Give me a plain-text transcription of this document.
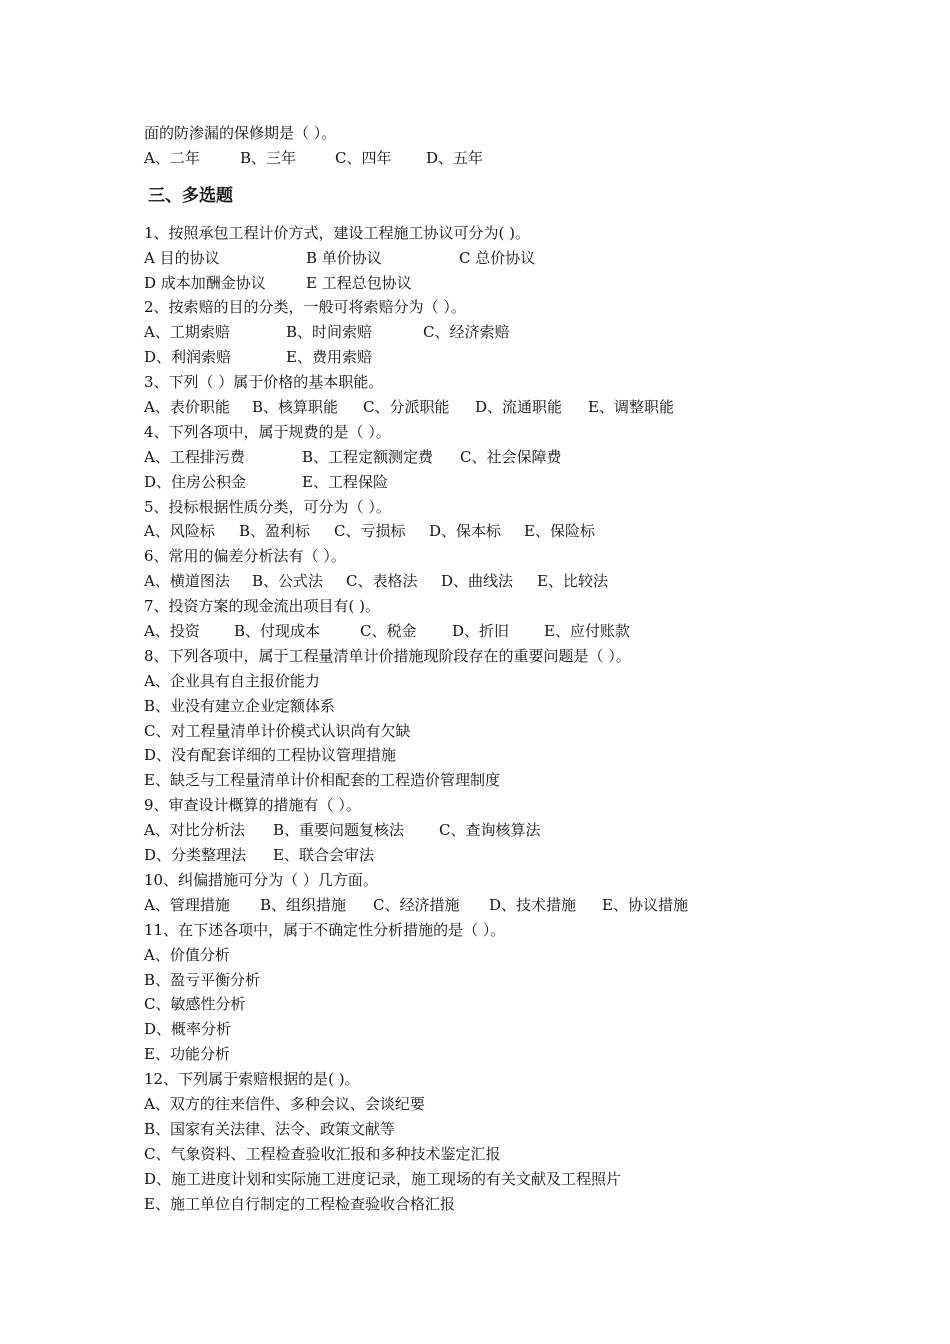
面的防渗漏的保修期是（ ）。
A、二年	B、三年	C、四年 D、五年
三、多选题
1、按照承包工程计价方式，建设工程施工协议可分为( )。
A 目的协议	B 单价协议	C 总价协议
D 成本加酬金协议	E 工程总包协议
2、按索赔的目的分类，一般可将索赔分为（ ）。
A、工期索赔	B、时间索赔	C、经济索赔
D、利润索赔	E、费用索赔
3、下列（ ）属于价格的基本职能。
A、表价职能 B、核算职能 C、分派职能 D、流通职能 E、调整职能
4、下列各项中，属于规费的是（ ）。
A、工程排污费	B、工程定额测定费 C、社会保障费
D、住房公积金	E、工程保险
5、投标根据性质分类，可分为（ ）。
A、风险标 B、盈利标 C、亏损标 D、保本标 E、保险标
6、常用的偏差分析法有（ ）。
A、横道图法 B、公式法 C、表格法 D、曲线法 E、比较法
7、投资方案的现金流出项目有( )。
A、投资 B、付现成本	C、税金 D、折旧 E、应付账款
8、下列各项中，属于工程量清单计价措施现阶段存在的重要问题是（ ）。
A、企业具有自主报价能力
B、业没有建立企业定额体系
C、对工程量清单计价模式认识尚有欠缺
D、没有配套详细的工程协议管理措施
E、缺乏与工程量清单计价相配套的工程造价管理制度
9、审查设计概算的措施有（ ）。
A、对比分析法 B、重要问题复核法 C、查询核算法
D、分类整理法 E、联合会审法
10、纠偏措施可分为（ ）几方面。
A、管理措施 B、组织措施 C、经济措施 D、技术措施 E、协议措施
11、在下述各项中，属于不确定性分析措施的是（ ）。
A、价值分析
B、盈亏平衡分析
C、敏感性分析
D、概率分析
E、功能分析
12、下列属于索赔根据的是( )。
A、双方的往来信件、多种会议、会谈纪要
B、国家有关法律、法令、政策文献等
C、气象资料、工程检查验收汇报和多种技术鉴定汇报
D、施工进度计划和实际施工进度记录，施工现场的有关文献及工程照片
E、施工单位自行制定的工程检查验收合格汇报
